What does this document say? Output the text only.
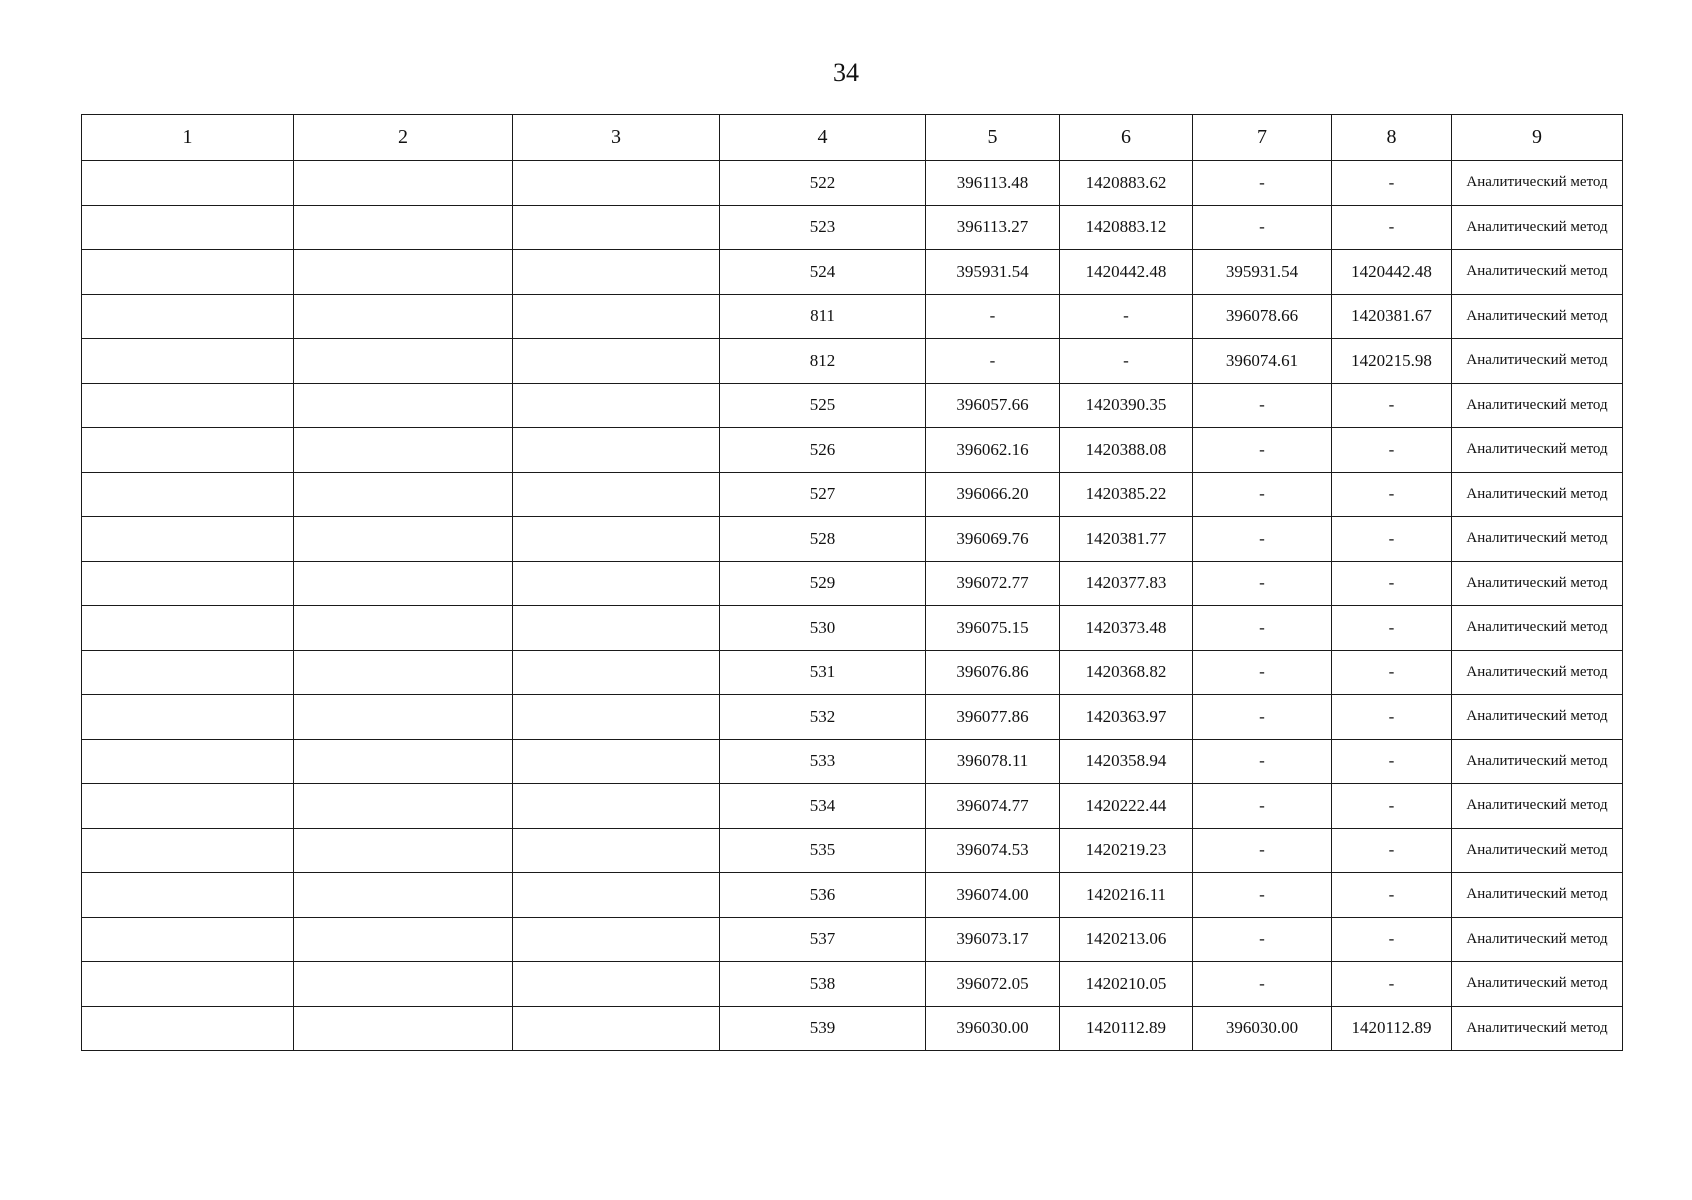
34
1	2	3	4	5	6	7	8	9
			522	396113.48	1420883.62	-	-	Аналитический метод
			523	396113.27	1420883.12	-	-	Аналитический метод
			524	395931.54	1420442.48	395931.54	1420442.48	Аналитический метод
			811	-	-	396078.66	1420381.67	Аналитический метод
			812	-	-	396074.61	1420215.98	Аналитический метод
			525	396057.66	1420390.35	-	-	Аналитический метод
			526	396062.16	1420388.08	-	-	Аналитический метод
			527	396066.20	1420385.22	-	-	Аналитический метод
			528	396069.76	1420381.77	-	-	Аналитический метод
			529	396072.77	1420377.83	-	-	Аналитический метод
			530	396075.15	1420373.48	-	-	Аналитический метод
			531	396076.86	1420368.82	-	-	Аналитический метод
			532	396077.86	1420363.97	-	-	Аналитический метод
			533	396078.11	1420358.94	-	-	Аналитический метод
			534	396074.77	1420222.44	-	-	Аналитический метод
			535	396074.53	1420219.23	-	-	Аналитический метод
			536	396074.00	1420216.11	-	-	Аналитический метод
			537	396073.17	1420213.06	-	-	Аналитический метод
			538	396072.05	1420210.05	-	-	Аналитический метод
			539	396030.00	1420112.89	396030.00	1420112.89	Аналитический метод
